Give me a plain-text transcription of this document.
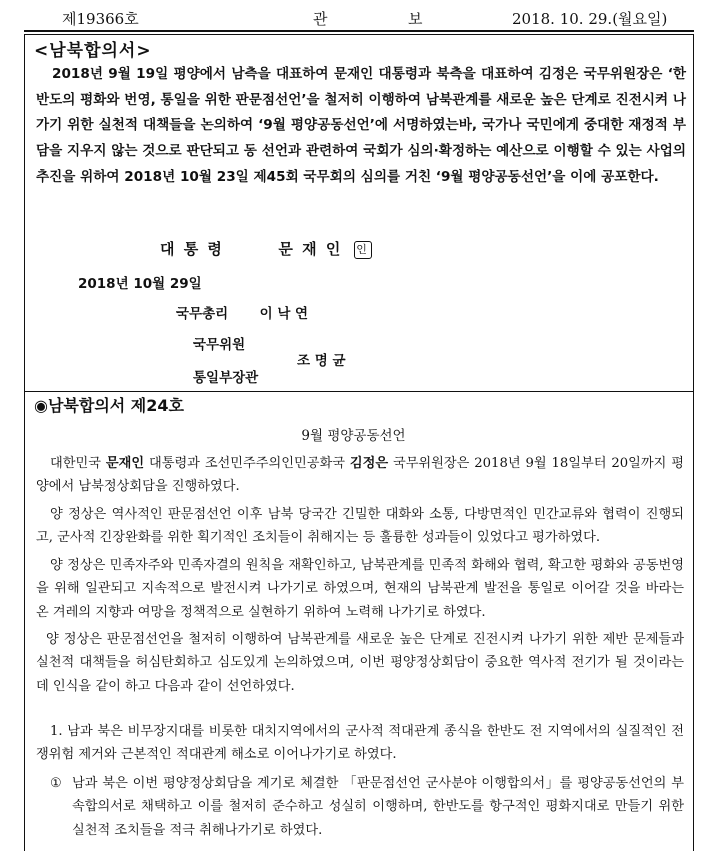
제19366호	관	보	2018. 10. 29.(월요일)
<남북합의서>
2018년 9월 19일 평양에서 남측을 대표하여 문재인 대통령과 북측을 대표하여 김정은 국무위원장은 ‘한반도의 평화와 번영, 통일을 위한 판문점선언’을 철저히 이행하여 남북관계를 새로운 높은 단계로 진전시켜 나가기 위한 실천적 대책들을 논의하여 ‘9월 평양공동선언’에 서명하였는바, 국가나 국민에게 중대한 재정적 부담을 지우지 않는 것으로 판단되고 동 선언과 관련하여 국회가 심의·확정하는 예산으로 이행할 수 있는 사업의 추진을 위하여 2018년 10월 23일 제45회 국무회의 심의를 거친 ‘9월 평양공동선언’을 이에 공포한다.
대 통 령	문 재 인 인
2018년 10월 29일
국무총리 이 낙 연
국무위원
통일부장관
조 명 균
◉남북합의서 제24호
9월 평양공동선언
대한민국 문재인 대통령과 조선민주주의인민공화국 김정은 국무위원장은 2018년 9월 18일부터 20일까지 평양에서 남북정상회담을 진행하였다.
양 정상은 역사적인 판문점선언 이후 남북 당국간 긴밀한 대화와 소통, 다방면적인 민간교류와 협력이 진행되고, 군사적 긴장완화를 위한 획기적인 조치들이 취해지는 등 훌륭한 성과들이 있었다고 평가하였다.
양 정상은 민족자주와 민족자결의 원칙을 재확인하고, 남북관계를 민족적 화해와 협력, 확고한 평화와 공동번영을 위해 일관되고 지속적으로 발전시켜 나가기로 하였으며, 현재의 남북관계 발전을 통일로 이어갈 것을 바라는 온 겨레의 지향과 여망을 정책적으로 실현하기 위하여 노력해 나가기로 하였다.
양 정상은 판문점선언을 철저히 이행하여 남북관계를 새로운 높은 단계로 진전시켜 나가기 위한 제반 문제들과 실천적 대책들을 허심탄회하고 심도있게 논의하였으며, 이번 평양정상회담이 중요한 역사적 전기가 될 것이라는 데 인식을 같이 하고 다음과 같이 선언하였다.
1. 남과 북은 비무장지대를 비롯한 대치지역에서의 군사적 적대관계 종식을 한반도 전 지역에서의 실질적인 전쟁위험 제거와 근본적인 적대관계 해소로 이어나가기로 하였다.
① 남과 북은 이번 평양정상회담을 계기로 체결한 「판문점선언 군사분야 이행합의서」를 평양공동선언의 부속합의서로 채택하고 이를 철저히 준수하고 성실히 이행하며, 한반도를 항구적인 평화지대로 만들기 위한 실천적 조치들을 적극 취해나가기로 하였다.
